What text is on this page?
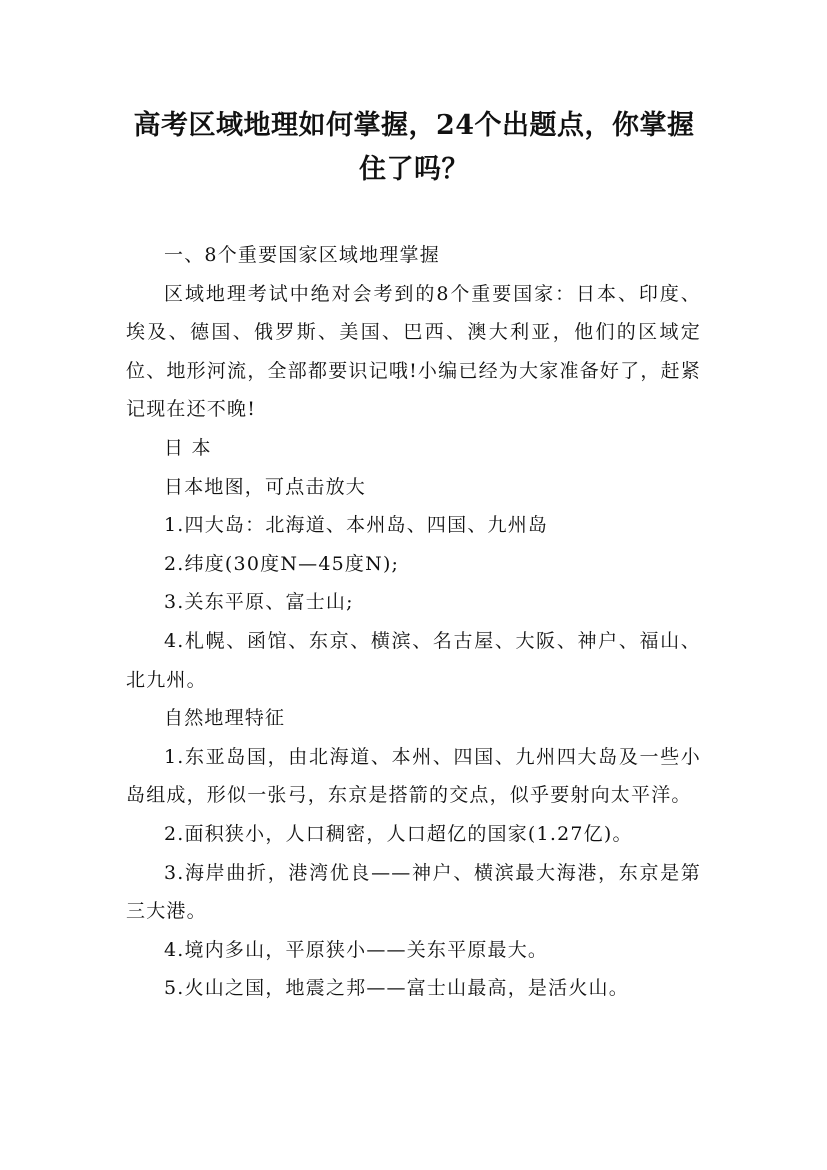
高考区域地理如何掌握，24个出题点，你掌握住了吗？

一、8个重要国家区域地理掌握

区域地理考试中绝对会考到的8个重要国家：日本、印度、埃及、德国、俄罗斯、美国、巴西、澳大利亚，他们的区域定位、地形河流，全部都要识记哦!小编已经为大家准备好了，赶紧记现在还不晚!

日 本

日本地图，可点击放大

1.四大岛：北海道、本州岛、四国、九州岛

2.纬度(30度N—45度N);

3.关东平原、富士山;

4.札幌、函馆、东京、横滨、名古屋、大阪、神户、福山、北九州。

自然地理特征

1.东亚岛国，由北海道、本州、四国、九州四大岛及一些小岛组成，形似一张弓，东京是搭箭的交点，似乎要射向太平洋。

2.面积狭小，人口稠密，人口超亿的国家(1.27亿)。

3.海岸曲折，港湾优良——神户、横滨最大海港，东京是第三大港。

4.境内多山，平原狭小——关东平原最大。

5.火山之国，地震之邦——富士山最高，是活火山。
